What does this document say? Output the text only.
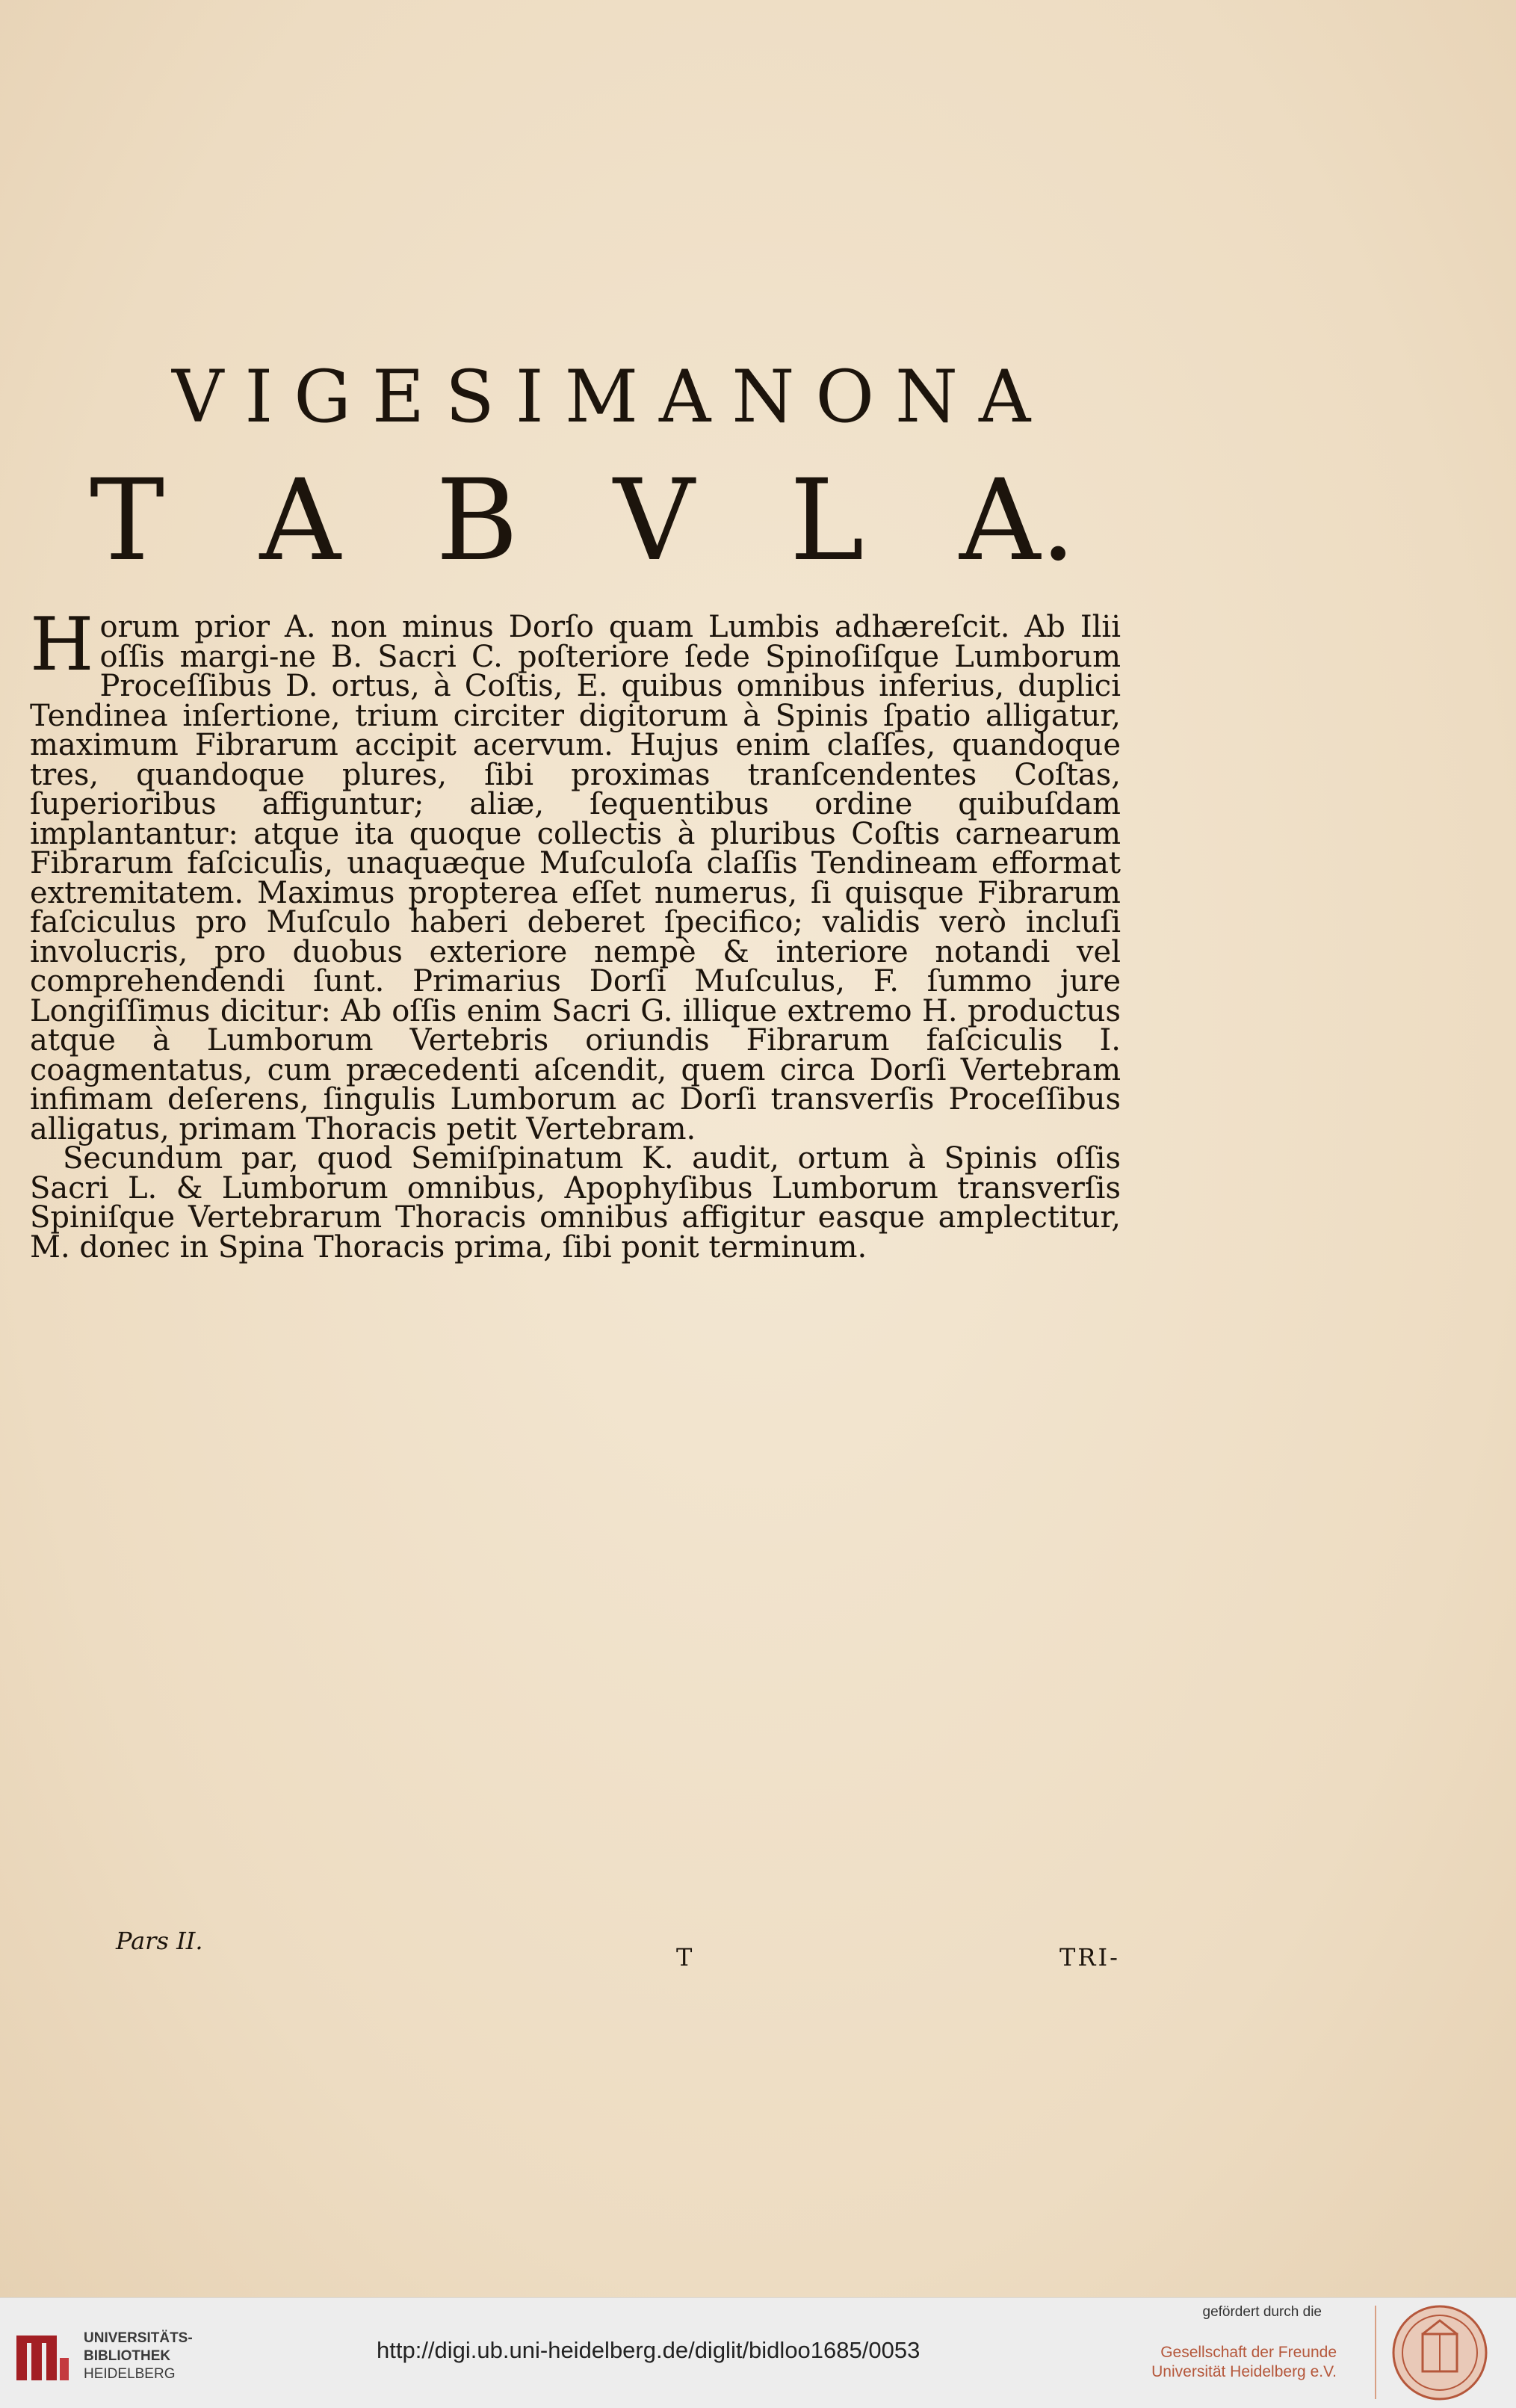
VIGESIMANONA
T A B V L A.

Horum prior A. non minus Dorſo quam Lumbis adhæreſcit. Ab Ilii oſſis margi-ne B. Sacri C. poſteriore ſede Spinoſiſque Lumborum Proceſſibus D. ortus, à Coſtis, E. quibus omnibus inferius, duplici Tendinea inſertione, trium circiter digitorum à Spinis ſpatio alligatur, maximum Fibrarum accipit acervum. Hujus enim claſſes, quandoque tres, quandoque plures, ſibi proximas tranſcendentes Coſtas, ſuperioribus affiguntur; aliæ, ſequentibus ordine quibuſdam implantantur: atque ita quoque collectis à pluribus Coſtis carnearum Fibrarum faſciculis, unaquæque Muſculoſa claſſis Tendineam efformat extremitatem. Maximus propterea eſſet numerus, ſi quisque Fibrarum faſciculus pro Muſculo haberi deberet ſpecifico; validis verò incluſi involucris, pro duobus exteriore nempè & interiore notandi vel comprehendendi ſunt. Primarius Dorſi Muſculus, F. ſummo jure Longiſſimus dicitur: Ab oſſis enim Sacri G. illique extremo H. productus atque à Lumborum Vertebris oriundis Fibrarum faſciculis I. coagmentatus, cum præcedenti aſcendit, quem circa Dorſi Vertebram infimam deſerens, ſingulis Lumborum ac Dorſi transverſis Proceſſibus alligatus, primam Thoracis petit Vertebram.

Secundum par, quod Semiſpinatum K. audit, ortum à Spinis oſſis Sacri L. & Lumborum omnibus, Apophyſibus Lumborum transverſis Spiniſque Vertebrarum Thoracis omnibus affigitur easque amplectitur, M. donec in Spina Thoracis prima, ſibi ponit terminum.

Pars II.
T	TRI-
UNIVERSITÄTS-
BIBLIOTHEK
HEIDELBERG
http://digi.ub.uni-heidelberg.de/diglit/bidloo1685/0053
gefördert durch die
Gesellschaft der Freunde
Universität Heidelberg e.V.
